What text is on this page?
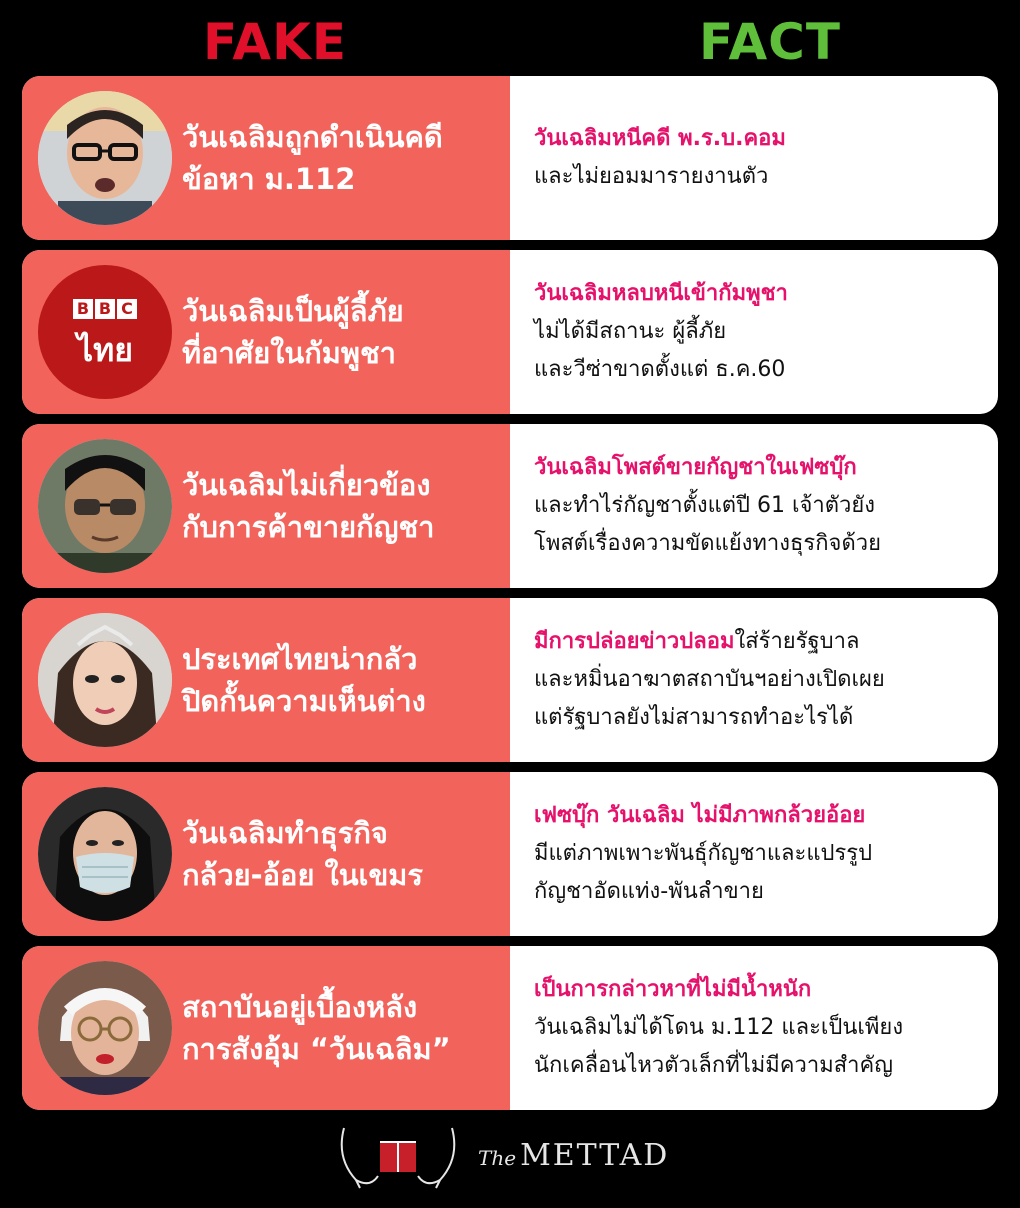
FAKE	FACT
วันเฉลิมถูกดำเนินคดี
ข้อหา ม.112
วันเฉลิมหนีคดี พ.ร.บ.คอม
และไม่ยอมมารายงานตัว
B B C
ไทย
วันเฉลิมเป็นผู้ลี้ภัย
ที่อาศัยในกัมพูชา
วันเฉลิมหลบหนีเข้ากัมพูชา
ไม่ได้มีสถานะ ผู้ลี้ภัย
และวีซ่าขาดตั้งแต่ ธ.ค.60
วันเฉลิมไม่เกี่ยวข้อง
กับการค้าขายกัญชา
วันเฉลิมโพสต์ขายกัญชาในเฟซบุ๊ก
และทำไร่กัญชาตั้งแต่ปี 61 เจ้าตัวยัง
โพสต์เรื่องความขัดแย้งทางธุรกิจด้วย
ประเทศไทยน่ากลัว
ปิดกั้นความเห็นต่าง
มีการปล่อยข่าวปลอมใส่ร้ายรัฐบาล
และหมิ่นอาฆาตสถาบันฯอย่างเปิดเผย
แต่รัฐบาลยังไม่สามารถทำอะไรได้
วันเฉลิมทำธุรกิจ
กล้วย-อ้อย ในเขมร
เฟซบุ๊ก วันเฉลิม ไม่มีภาพกล้วยอ้อย
มีแต่ภาพเพาะพันธุ์กัญชาและแปรรูป
กัญชาอัดแท่ง-พันลำขาย
สถาบันอยู่เบื้องหลัง
การสังอุ้ม “วันเฉลิม”
เป็นการกล่าวหาที่ไม่มีน้ำหนัก
วันเฉลิมไม่ได้โดน ม.112 และเป็นเพียง
นักเคลื่อนไหวตัวเล็กที่ไม่มีความสำคัญ
The METTAD
